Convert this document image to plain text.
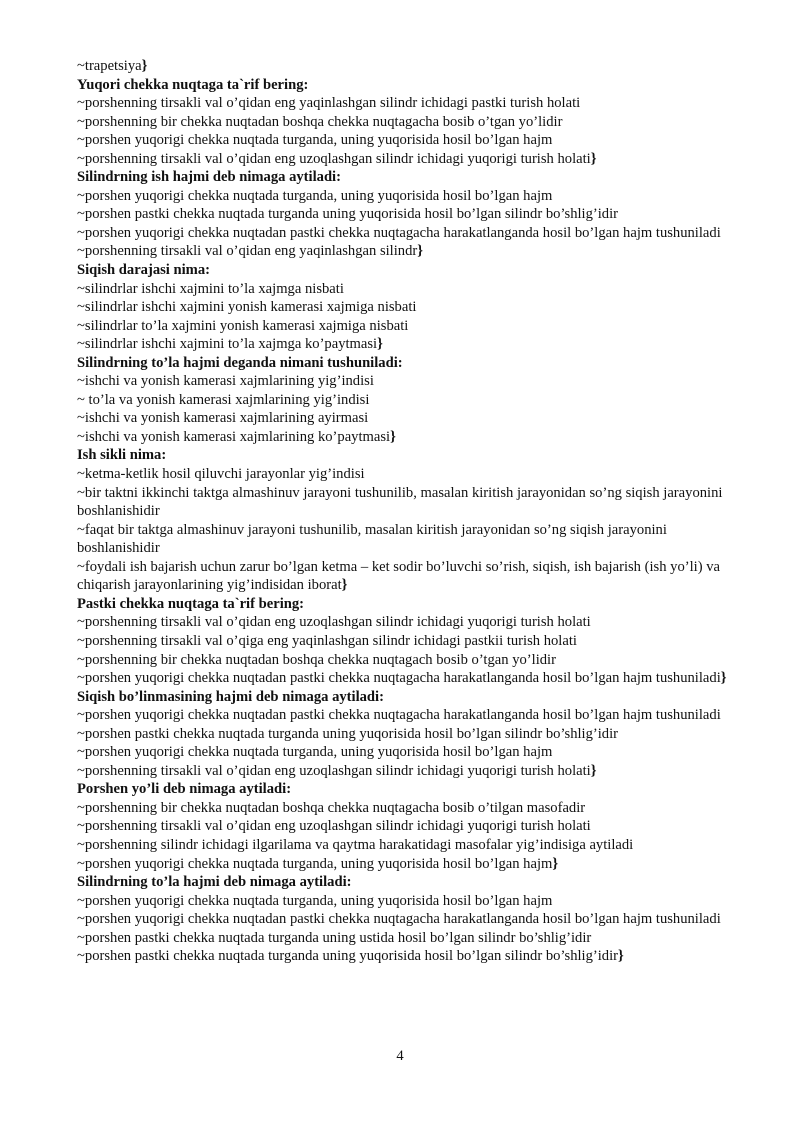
~trapetsiya}
Yuqori chekka nuqtaga ta`rif bering:
~porshenning tirsakli val o’qidan eng yaqinlashgan silindr ichidagi pastki turish holati
~porshenning bir chekka nuqtadan boshqa chekka nuqtagacha bosib o’tgan yo’lidir
~porshen yuqorigi chekka nuqtada turganda, uning yuqorisida hosil bo’lgan hajm
~porshenning tirsakli val o’qidan eng uzoqlashgan silindr ichidagi yuqorigi turish holati}
Silindrning ish hajmi deb nimaga aytiladi:
~porshen yuqorigi chekka nuqtada turganda, uning yuqorisida hosil bo’lgan hajm
~porshen pastki chekka nuqtada turganda uning yuqorisida hosil bo’lgan silindr bo’shlig’idir
~porshen yuqorigi chekka nuqtadan pastki chekka nuqtagacha harakatlanganda hosil bo’lgan hajm tushuniladi
~porshenning tirsakli val o’qidan eng yaqinlashgan silindr}
Siqish darajasi nima:
~silindrlar ishchi xajmini to’la xajmga nisbati
~silindrlar ishchi xajmini yonish kamerasi xajmiga nisbati
~silindrlar to’la xajmini yonish kamerasi xajmiga nisbati
~silindrlar ishchi xajmini to’la xajmga ko’paytmasi}
Silindrning to’la hajmi deganda nimani tushuniladi:
~ishchi va yonish kamerasi xajmlarining yig’indisi
~ to’la va yonish kamerasi xajmlarining yig’indisi
~ishchi va yonish kamerasi xajmlarining ayirmasi
~ishchi va yonish kamerasi xajmlarining ko’paytmasi}
Ish sikli nima:
~ketma-ketlik hosil qiluvchi jarayonlar yig’indisi
~bir taktni ikkinchi taktga almashinuv jarayoni tushunilib, masalan kiritish jarayonidan so’ng siqish jarayonini boshlanishidir
~faqat bir taktga almashinuv jarayoni tushunilib, masalan kiritish jarayonidan so’ng siqish jarayonini boshlanishidir
~foydali ish bajarish uchun zarur bo’lgan ketma – ket sodir bo’luvchi so’rish, siqish, ish bajarish (ish yo’li) va chiqarish jarayonlarining yig’indisidan iborat}
Pastki chekka nuqtaga ta`rif bering:
~porshenning tirsakli val o’qidan eng uzoqlashgan silindr ichidagi yuqorigi turish holati
~porshenning tirsakli val o’qiga eng yaqinlashgan silindr ichidagi pastkii turish holati
~porshenning bir chekka nuqtadan boshqa chekka nuqtagach bosib o’tgan yo’lidir
~porshen yuqorigi chekka nuqtadan pastki chekka nuqtagacha harakatlanganda hosil bo’lgan hajm tushuniladi}
Siqish bo’linmasining hajmi deb nimaga aytiladi:
~porshen yuqorigi chekka nuqtadan pastki chekka nuqtagacha harakatlanganda hosil bo’lgan hajm tushuniladi
~porshen pastki chekka nuqtada turganda uning yuqorisida hosil bo’lgan silindr bo’shlig’idir
~porshen yuqorigi chekka nuqtada turganda, uning yuqorisida hosil bo’lgan hajm
~porshenning tirsakli val o’qidan eng uzoqlashgan silindr ichidagi yuqorigi turish holati}
Porshen yo’li deb nimaga aytiladi:
~porshenning bir chekka nuqtadan boshqa chekka nuqtagacha bosib o’tilgan masofadir
~porshenning tirsakli val o’qidan eng uzoqlashgan silindr ichidagi yuqorigi turish holati
~porshenning silindr ichidagi ilgarilama va qaytma harakatidagi masofalar yig’indisiga aytiladi
~porshen yuqorigi chekka nuqtada turganda, uning yuqorisida hosil bo’lgan hajm}
Silindrning to’la hajmi deb nimaga aytiladi:
~porshen yuqorigi chekka nuqtada turganda, uning yuqorisida hosil bo’lgan hajm
~porshen yuqorigi chekka nuqtadan pastki chekka nuqtagacha harakatlanganda hosil bo’lgan hajm tushuniladi
~porshen pastki chekka nuqtada turganda uning ustida hosil bo’lgan silindr bo’shlig’idir
~porshen pastki chekka nuqtada turganda uning yuqorisida hosil bo’lgan silindr bo’shlig’idir}
4
